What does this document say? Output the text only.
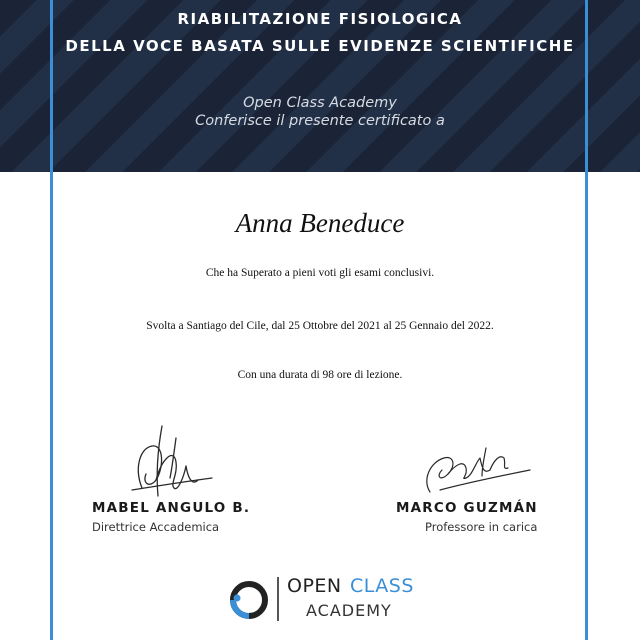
RIABILITAZIONE FISIOLOGICA
DELLA VOCE BASATA SULLE EVIDENZE SCIENTIFICHE
Open Class Academy
Conferisce il presente certificato a
Anna Beneduce
Che ha Superato a pieni voti gli esami conclusivi.
Svolta a Santiago del Cile, dal 25 Ottobre del 2021 al 25 Gennaio del 2022.
Con una durata di 98 ore di lezione.
MABEL ANGULO B.
Direttrice Accademica
MARCO GUZMÁN
Professore in carica
OPEN CLASS
ACADEMY
